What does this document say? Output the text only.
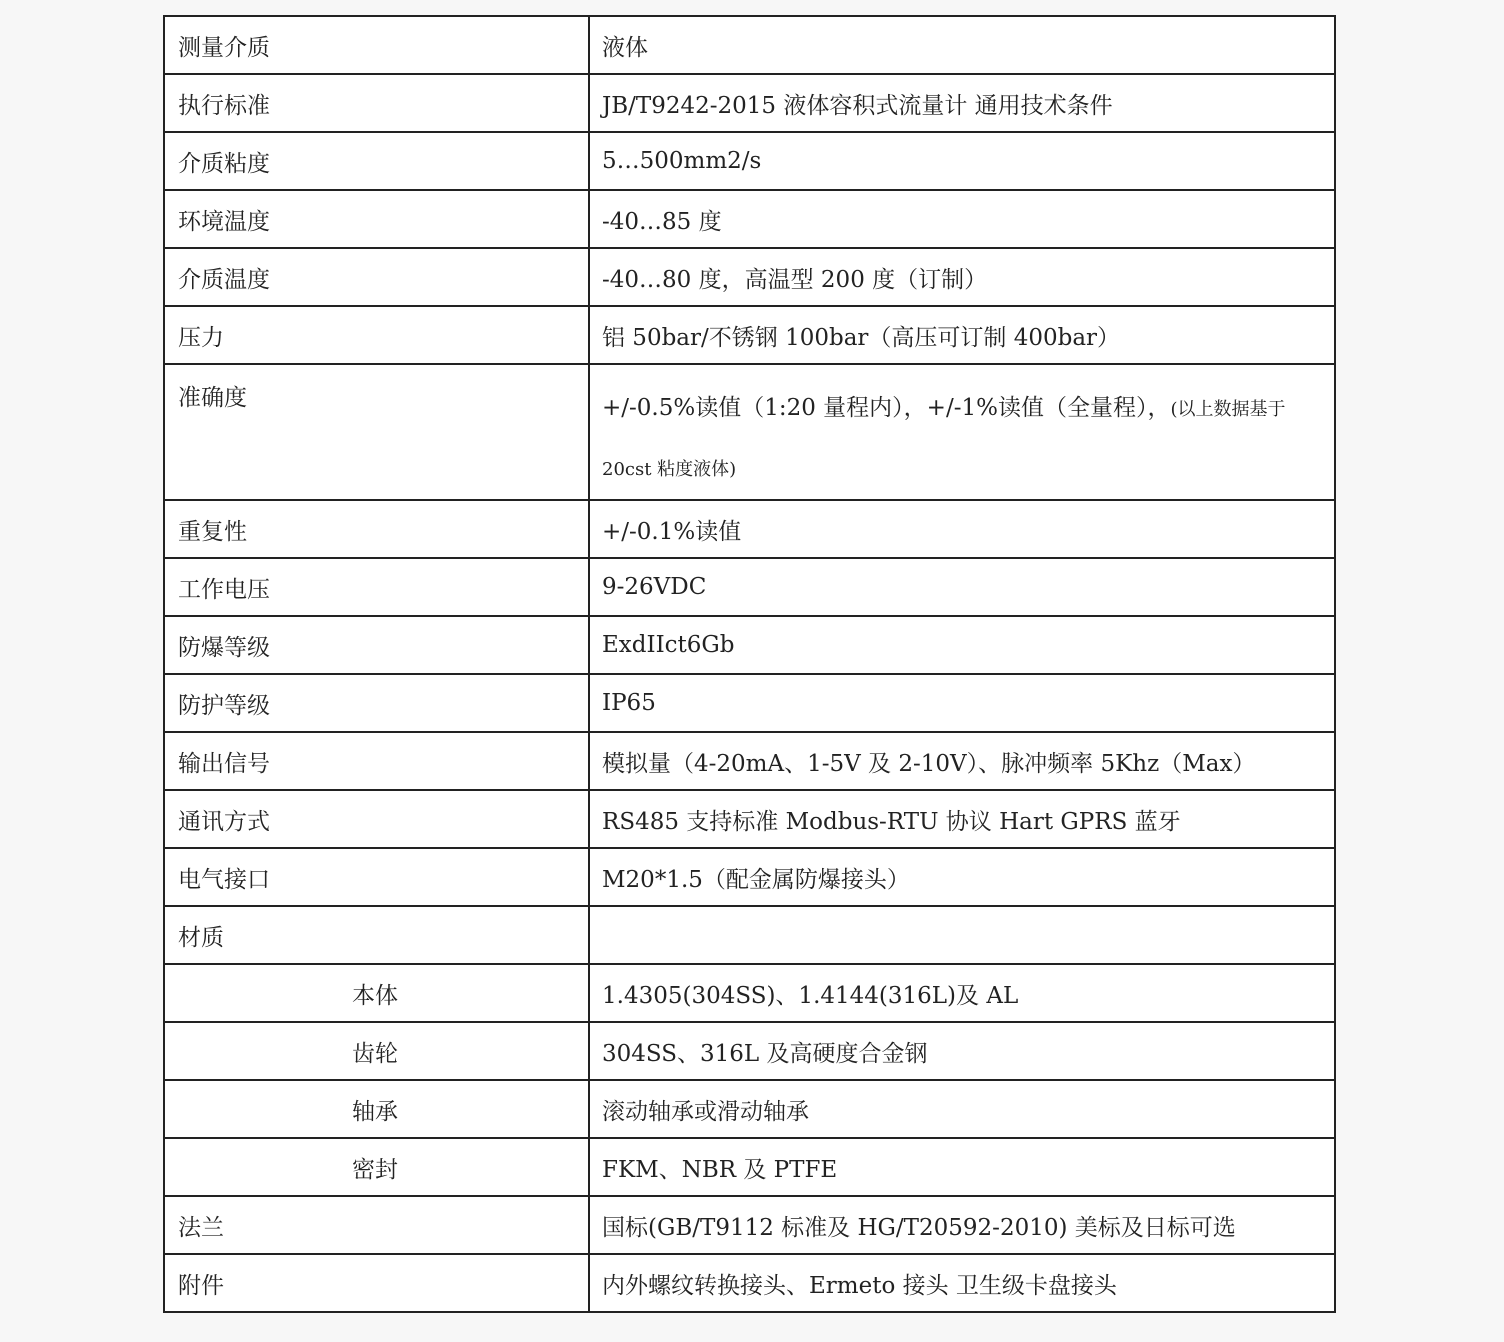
测量介质	液体
执行标准	JB/T9242-2015 液体容积式流量计 通用技术条件
介质粘度	5…500mm2/s
环境温度	-40…85 度
介质温度	-40…80 度，高温型 200 度（订制）
压力	铝 50bar/不锈钢 100bar（高压可订制 400bar）
准确度	+/-0.5%读值（1:20 量程内），+/-1%读值（全量程），(以上数据基于 20cst 粘度液体)
重复性	+/-0.1%读值
工作电压	9-26VDC
防爆等级	ExdIIct6Gb
防护等级	IP65
输出信号	模拟量（4-20mA、1-5V 及 2-10V）、脉冲频率 5Khz（Max）
通讯方式	RS485 支持标准 Modbus-RTU 协议 Hart GPRS 蓝牙
电气接口	M20*1.5（配金属防爆接头）
材质	
本体	1.4305(304SS)、1.4144(316L)及 AL
齿轮	304SS、316L 及高硬度合金钢
轴承	滚动轴承或滑动轴承
密封	FKM、NBR 及 PTFE
法兰	国标(GB/T9112 标准及 HG/T20592-2010) 美标及日标可选
附件	内外螺纹转换接头、Ermeto 接头 卫生级卡盘接头
